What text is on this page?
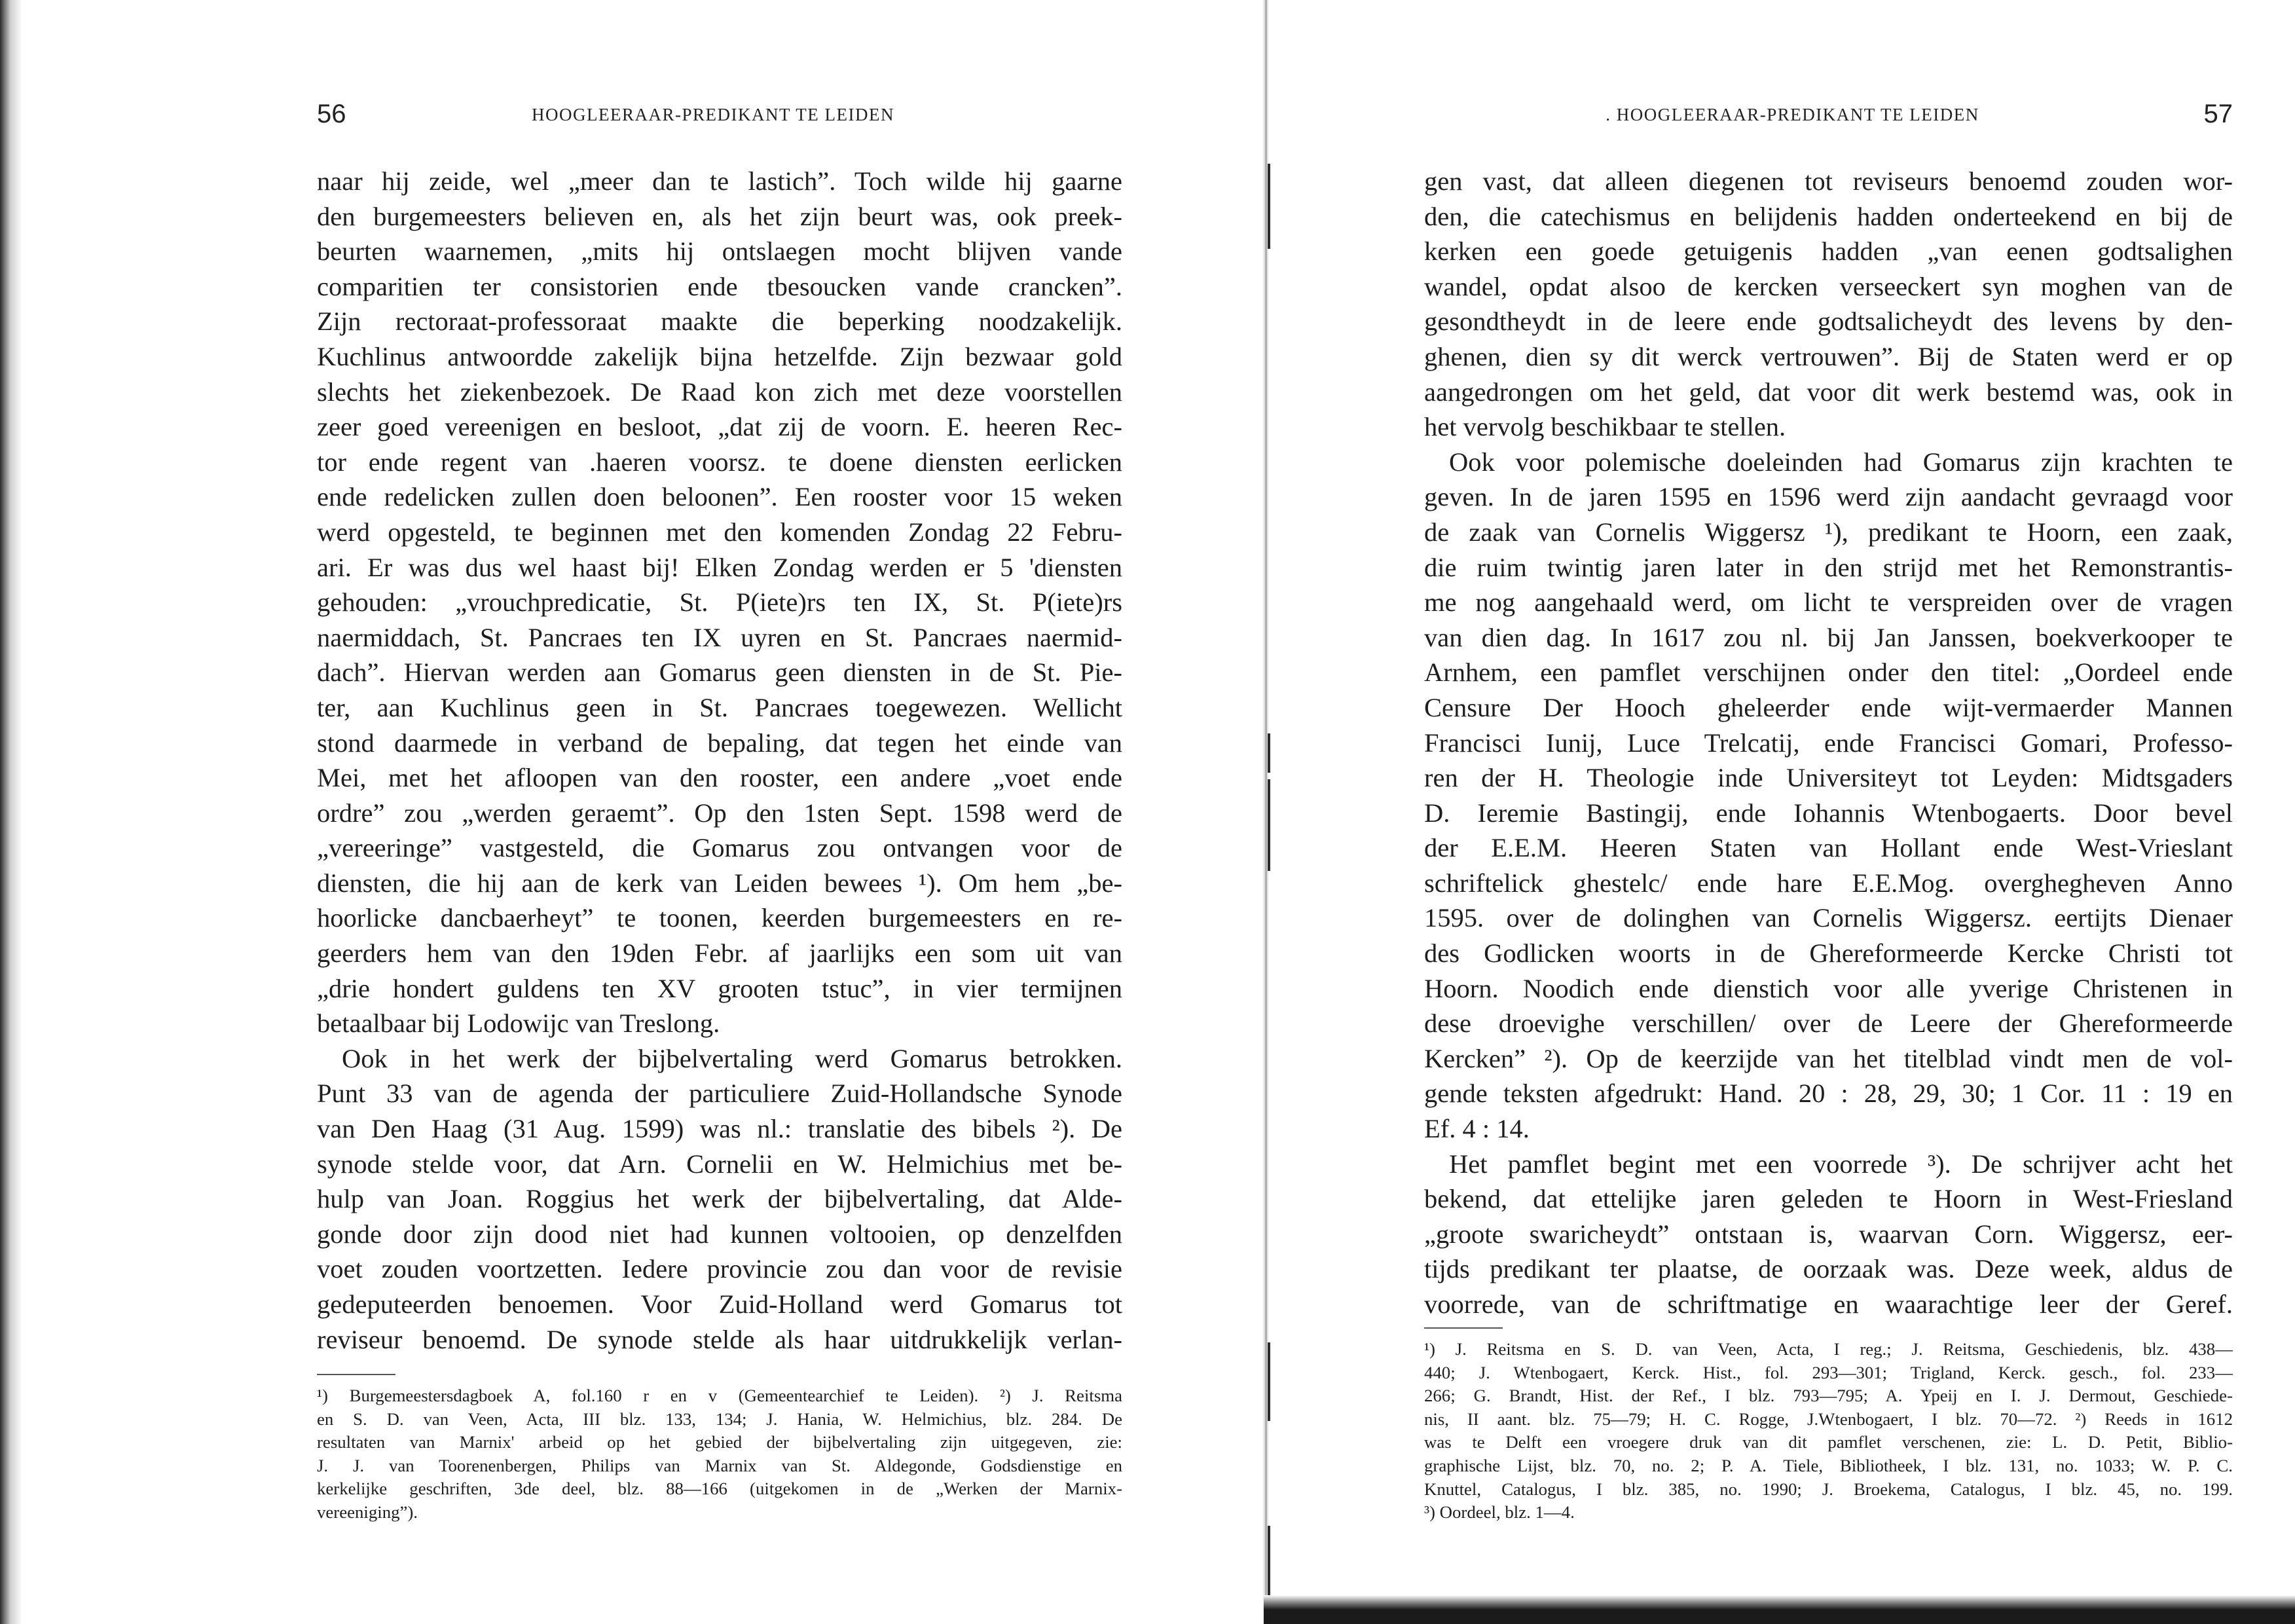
56	HOOGLEERAAR-PREDIKANT TE LEIDEN
naar hij zeide, wel „meer dan te lastich”. Toch wilde hij gaarne
den burgemeesters believen en, als het zijn beurt was, ook preek-
beurten waarnemen, „mits hij ontslaegen mocht blijven vande
comparitien ter consistorien ende tbesoucken vande crancken”.
Zijn rectoraat-professoraat maakte die beperking noodzakelijk.
Kuchlinus antwoordde zakelijk bijna hetzelfde. Zijn bezwaar gold
slechts het ziekenbezoek. De Raad kon zich met deze voorstellen
zeer goed vereenigen en besloot, „dat zij de voorn. E. heeren Rec-
tor ende regent van .haeren voorsz. te doene diensten eerlicken
ende redelicken zullen doen beloonen”. Een rooster voor 15 weken
werd opgesteld, te beginnen met den komenden Zondag 22 Febru-
ari. Er was dus wel haast bij! Elken Zondag werden er 5 'diensten
gehouden: „vrouchpredicatie, St. P(iete)rs ten IX, St. P(iete)rs
naermiddach, St. Pancraes ten IX uyren en St. Pancraes naermid-
dach”. Hiervan werden aan Gomarus geen diensten in de St. Pie-
ter, aan Kuchlinus geen in St. Pancraes toegewezen. Wellicht
stond daarmede in verband de bepaling, dat tegen het einde van
Mei, met het afloopen van den rooster, een andere „voet ende
ordre” zou „werden geraemt”. Op den 1sten Sept. 1598 werd de
„vereeringe” vastgesteld, die Gomarus zou ontvangen voor de
diensten, die hij aan de kerk van Leiden bewees ¹). Om hem „be-
hoorlicke dancbaerheyt” te toonen, keerden burgemeesters en re-
geerders hem van den 19den Febr. af jaarlijks een som uit van
„drie hondert guldens ten XV grooten tstuc”, in vier termijnen
betaalbaar bij Lodowijc van Treslong.
Ook in het werk der bijbelvertaling werd Gomarus betrokken.
Punt 33 van de agenda der particuliere Zuid-Hollandsche Synode
van Den Haag (31 Aug. 1599) was nl.: translatie des bibels ²). De
synode stelde voor, dat Arn. Cornelii en W. Helmichius met be-
hulp van Joan. Roggius het werk der bijbelvertaling, dat Alde-
gonde door zijn dood niet had kunnen voltooien, op denzelfden
voet zouden voortzetten. Iedere provincie zou dan voor de revisie
gedeputeerden benoemen. Voor Zuid-Holland werd Gomarus tot
reviseur benoemd. De synode stelde als haar uitdrukkelijk verlan-
¹) Burgemeestersdagboek A, fol.160 r en v (Gemeentearchief te Leiden). ²) J. Reitsma
en S. D. van Veen, Acta, III blz. 133, 134; J. Hania, W. Helmichius, blz. 284. De
resultaten van Marnix' arbeid op het gebied der bijbelvertaling zijn uitgegeven, zie:
J. J. van Toorenenbergen, Philips van Marnix van St. Aldegonde, Godsdienstige en
kerkelijke geschriften, 3de deel, blz. 88—166 (uitgekomen in de „Werken der Marnix-
vereeniging”).
. HOOGLEERAAR-PREDIKANT TE LEIDEN	57
gen vast, dat alleen diegenen tot reviseurs benoemd zouden wor-
den, die catechismus en belijdenis hadden onderteekend en bij de
kerken een goede getuigenis hadden „van eenen godtsalighen
wandel, opdat alsoo de kercken verseeckert syn moghen van de
gesondtheydt in de leere ende godtsalicheydt des levens by den-
ghenen, dien sy dit werck vertrouwen”. Bij de Staten werd er op
aangedrongen om het geld, dat voor dit werk bestemd was, ook in
het vervolg beschikbaar te stellen.
Ook voor polemische doeleinden had Gomarus zijn krachten te
geven. In de jaren 1595 en 1596 werd zijn aandacht gevraagd voor
de zaak van Cornelis Wiggersz ¹), predikant te Hoorn, een zaak,
die ruim twintig jaren later in den strijd met het Remonstrantis-
me nog aangehaald werd, om licht te verspreiden over de vragen
van dien dag. In 1617 zou nl. bij Jan Janssen, boekverkooper te
Arnhem, een pamflet verschijnen onder den titel: „Oordeel ende
Censure Der Hooch gheleerder ende wijt-vermaerder Mannen
Francisci Iunij, Luce Trelcatij, ende Francisci Gomari, Professo-
ren der H. Theologie inde Universiteyt tot Leyden: Midtsgaders
D. Ieremie Bastingij, ende Iohannis Wtenbogaerts. Door bevel
der E.E.M. Heeren Staten van Hollant ende West-Vrieslant
schriftelick ghestelc/ ende hare E.E.Mog. overgheghеven Anno
1595. over de dolinghen van Cornelis Wiggersz. eertijts Dienaer
des Godlicken woorts in de Ghereformeerde Kercke Christi tot
Hoorn. Noodich ende dienstich voor alle yverige Christenen in
dese droevighe verschillen/ over de Leere der Ghereformeerde
Kercken” ²). Op de keerzijde van het titelblad vindt men de vol-
gende teksten afgedrukt: Hand. 20 : 28, 29, 30; 1 Cor. 11 : 19 en
Ef. 4 : 14.
Het pamflet begint met een voorrede ³). De schrijver acht het
bekend, dat ettelijke jaren geleden te Hoorn in West-Friesland
„groote swaricheydt” ontstaan is, waarvan Corn. Wiggersz, eer-
tijds predikant ter plaatse, de oorzaak was. Deze week, aldus de
voorrede, van de schriftmatige en waarachtige leer der Geref.
¹) J. Reitsma en S. D. van Veen, Acta, I reg.; J. Reitsma, Geschiedenis, blz. 438—
440; J. Wtenbogaert, Kerck. Hist., fol. 293—301; Trigland, Kerck. gesch., fol. 233—
266; G. Brandt, Hist. der Ref., I blz. 793—795; A. Ypeij en I. J. Dermout, Geschiede-
nis, II aant. blz. 75—79; H. C. Rogge, J.Wtenbogaert, I blz. 70—72. ²) Reeds in 1612
was te Delft een vroegere druk van dit pamflet verschenen, zie: L. D. Petit, Biblio-
graphische Lijst, blz. 70, no. 2; P. A. Tiele, Bibliotheek, I blz. 131, no. 1033; W. P. C.
Knuttel, Catalogus, I blz. 385, no. 1990; J. Broekema, Catalogus, I blz. 45, no. 199.
³) Oordeel, blz. 1—4.
